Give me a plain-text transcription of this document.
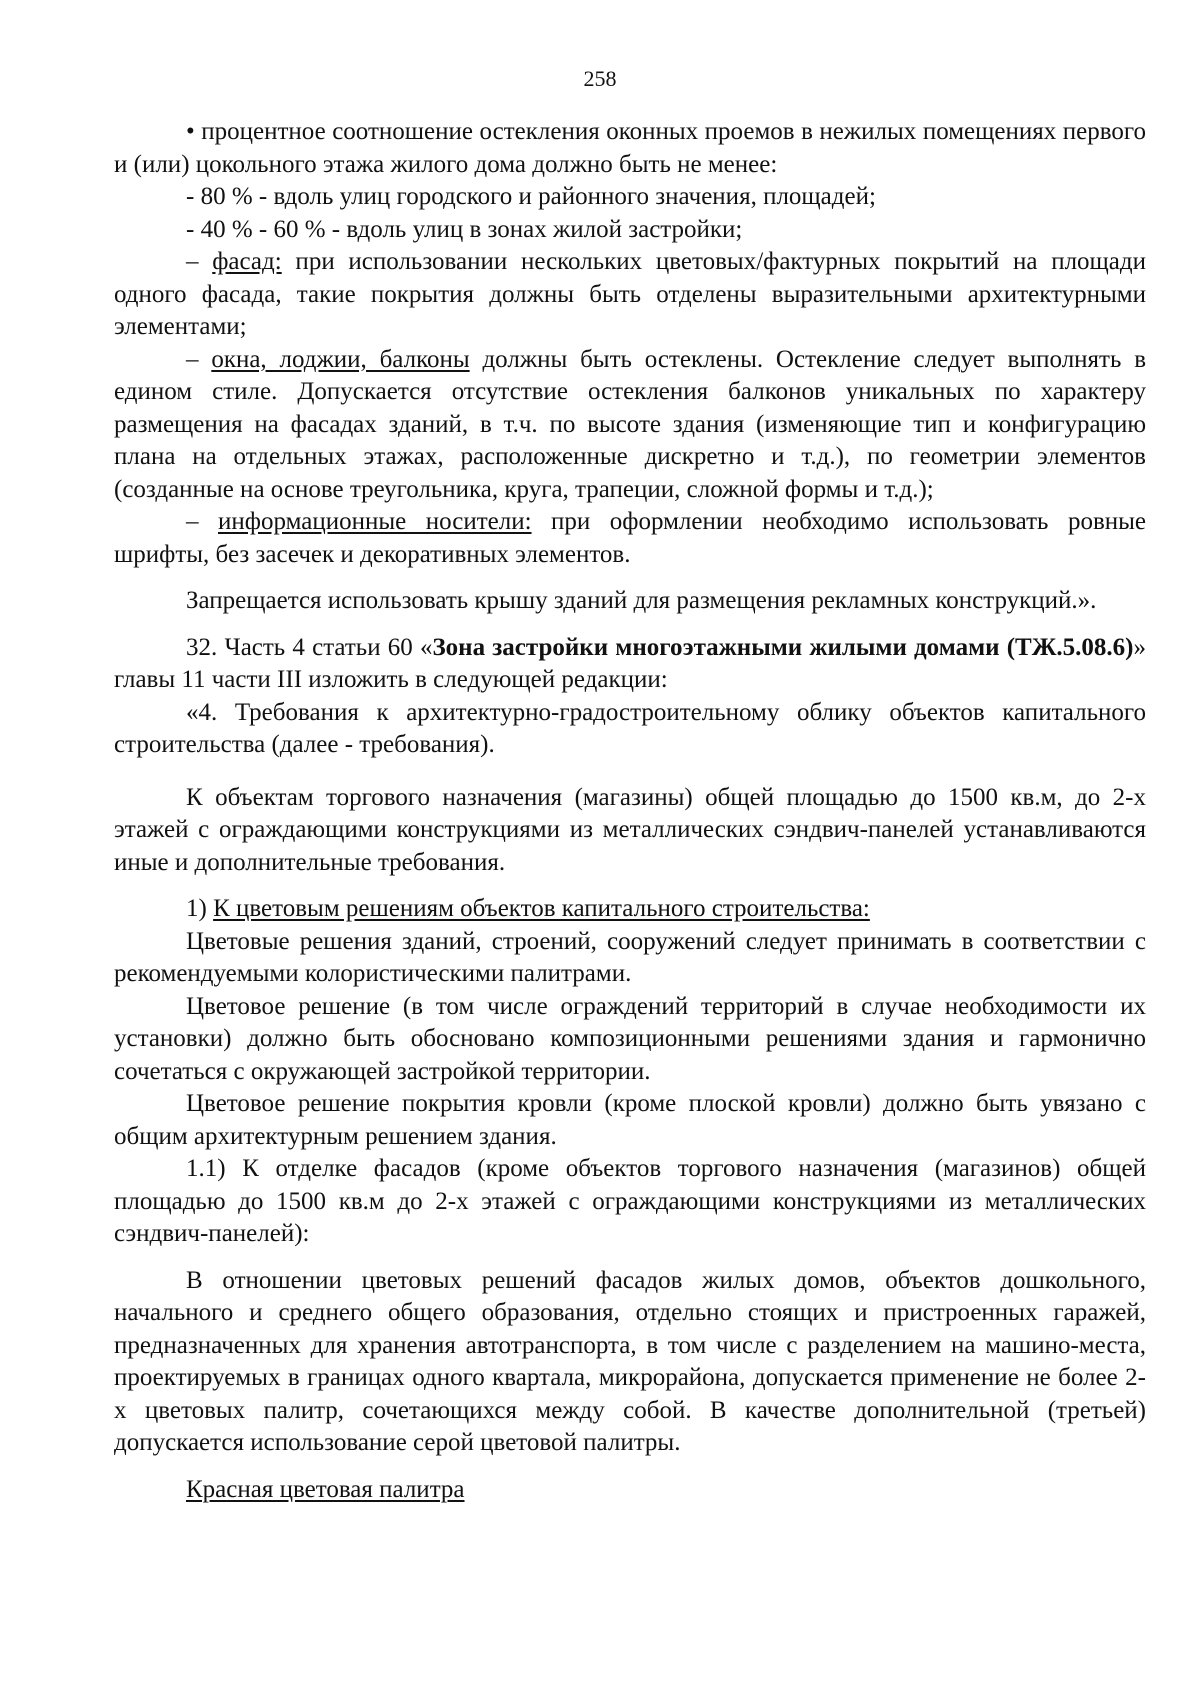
258

• процентное соотношение остекления оконных проемов в нежилых помещениях первого и (или) цокольного этажа жилого дома должно быть не менее:

- 80 % - вдоль улиц городского и районного значения, площадей;

- 40 % - 60 % - вдоль улиц в зонах жилой застройки;

– фасад: при использовании нескольких цветовых/фактурных покрытий на площади одного фасада, такие покрытия должны быть отделены выразительными архитектурными элементами;

– окна, лоджии, балконы должны быть остеклены. Остекление следует выполнять в едином стиле. Допускается отсутствие остекления балконов уникальных по характеру размещения на фасадах зданий, в т.ч. по высоте здания (изменяющие тип и конфигурацию плана на отдельных этажах, расположенные дискретно и т.д.), по геометрии элементов (созданные на основе треугольника, круга, трапеции, сложной формы и т.д.);

– информационные носители: при оформлении необходимо использовать ровные шрифты, без засечек и декоративных элементов.

Запрещается использовать крышу зданий для размещения рекламных конструкций.».

32. Часть 4 статьи 60 «Зона застройки многоэтажными жилыми домами (ТЖ.5.08.6)» главы 11 части III изложить в следующей редакции:

«4. Требования к архитектурно-градостроительному облику объектов капитального строительства (далее - требования).

К объектам торгового назначения (магазины) общей площадью до 1500 кв.м, до 2-х этажей с ограждающими конструкциями из металлических сэндвич-панелей устанавливаются иные и дополнительные требования.

1) К цветовым решениям объектов капитального строительства:

Цветовые решения зданий, строений, сооружений следует принимать в соответствии с рекомендуемыми колористическими палитрами.

Цветовое решение (в том числе ограждений территорий в случае необходимости их установки) должно быть обосновано композиционными решениями здания и гармонично сочетаться с окружающей застройкой территории.

Цветовое решение покрытия кровли (кроме плоской кровли) должно быть увязано с общим архитектурным решением здания.

1.1) К отделке фасадов (кроме объектов торгового назначения (магазинов) общей площадью до 1500 кв.м до 2-х этажей с ограждающими конструкциями из металлических сэндвич-панелей):

В отношении цветовых решений фасадов жилых домов, объектов дошкольного, начального и среднего общего образования, отдельно стоящих и пристроенных гаражей, предназначенных для хранения автотранспорта, в том числе с разделением на машино-места, проектируемых в границах одного квартала, микрорайона, допускается применение не более 2-х цветовых палитр, сочетающихся между собой. В качестве дополнительной (третьей) допускается использование серой цветовой палитры.

Красная цветовая палитра
